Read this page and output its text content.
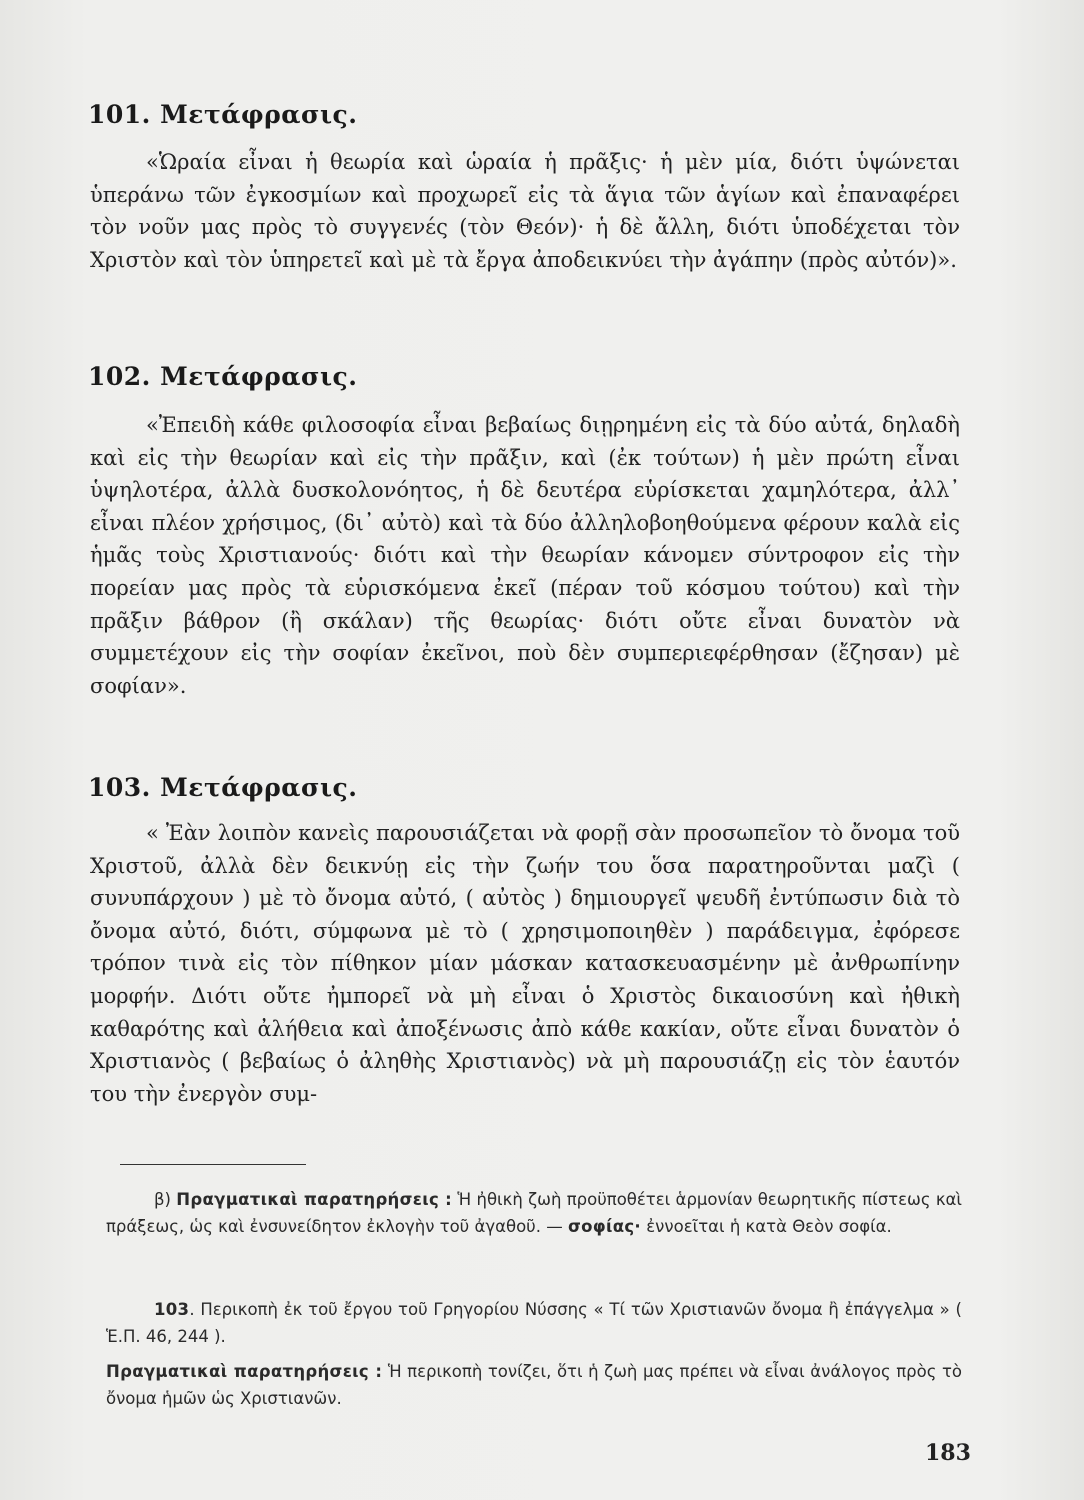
101. Μετάφρασις.
«Ὡραία εἶναι ἡ θεωρία καὶ ὡραία ἡ πρᾶξις· ἡ μὲν μία, διότι ὑψώνεται ὑπεράνω τῶν ἐγκοσμίων καὶ προχωρεῖ εἰς τὰ ἅγια τῶν ἁγίων καὶ ἐπαναφέρει τὸν νοῦν μας πρὸς τὸ συγγενές (τὸν Θεόν)· ἡ δὲ ἄλλη, διότι ὑποδέχεται τὸν Χριστὸν καὶ τὸν ὑπηρετεῖ καὶ μὲ τὰ ἔργα ἀποδεικνύει τὴν ἀγάπην (πρὸς αὐτόν)».
102. Μετάφρασις.
«Ἐπειδὴ κάθε φιλοσοφία εἶναι βεβαίως διῃρημένη εἰς τὰ δύο αὐτά, δηλαδὴ καὶ εἰς τὴν θεωρίαν καὶ εἰς τὴν πρᾶξιν, καὶ (ἐκ τούτων) ἡ μὲν πρώτη εἶναι ὑψηλοτέρα, ἀλλὰ δυσκολονόητος, ἡ δὲ δευτέρα εὑρίσκεται χαμηλότερα, ἀλλ᾽ εἶναι πλέον χρήσιμος, (δι᾽ αὐτὸ) καὶ τὰ δύο ἀλληλοβοηθούμενα φέρουν καλὰ εἰς ἡμᾶς τοὺς Χριστιανούς· διότι καὶ τὴν θεωρίαν κάνομεν σύντροφον εἰς τὴν πορείαν μας πρὸς τὰ εὑρισκόμενα ἐκεῖ (πέραν τοῦ κόσμου τούτου) καὶ τὴν πρᾶξιν βάθρον (ἢ σκάλαν) τῆς θεωρίας· διότι οὔτε εἶναι δυνατὸν νὰ συμμετέχουν εἰς τὴν σοφίαν ἐκεῖνοι, ποὺ δὲν συμπεριεφέρθησαν (ἔζησαν) μὲ σοφίαν».
103. Μετάφρασις.
« Ἐὰν λοιπὸν κανεὶς παρουσιάζεται νὰ φορῇ σὰν προσωπεῖον τὸ ὄνομα τοῦ Χριστοῦ, ἀλλὰ δὲν δεικνύῃ εἰς τὴν ζωήν του ὅσα παρατηροῦνται μαζὶ ( συνυπάρχουν ) μὲ τὸ ὄνομα αὐτό, ( αὐτὸς ) δημιουργεῖ ψευδῆ ἐντύπωσιν διὰ τὸ ὄνομα αὐτό, διότι, σύμφωνα μὲ τὸ ( χρησιμοποιηθὲν ) παράδειγμα, ἐφόρεσε τρόπον τινὰ εἰς τὸν πίθηκον μίαν μάσκαν κατασκευασμένην μὲ ἀνθρωπίνην μορφήν. Διότι οὔτε ἠμπορεῖ νὰ μὴ εἶναι ὁ Χριστὸς δικαιοσύνη καὶ ἠθικὴ καθαρότης καὶ ἀλήθεια καὶ ἀποξένωσις ἀπὸ κάθε κακίαν, οὔτε εἶναι δυνατὸν ὁ Χριστιανὸς ( βεβαίως ὁ ἀληθὴς Χριστιανὸς) νὰ μὴ παρουσιάζῃ εἰς τὸν ἑαυτόν του τὴν ἐνεργὸν συμ-
β) Πραγματικαὶ παρατηρήσεις : Ἡ ἠθικὴ ζωὴ προϋποθέτει ἁρμονίαν θεωρητικῆς πίστεως καὶ πράξεως, ὡς καὶ ἐνσυνείδητον ἐκλογὴν τοῦ ἀγαθοῦ. — σοφίας· ἐννοεῖται ἡ κατὰ Θεὸν σοφία.
103. Περικοπὴ ἐκ τοῦ ἔργου τοῦ Γρηγορίου Νύσσης « Τί τῶν Χριστιανῶν ὄνομα ἢ ἐπάγγελμα » ( Ἑ.Π. 46, 244 ).
Πραγματικαὶ παρατηρήσεις : Ἡ περικοπὴ τονίζει, ὅτι ἡ ζωὴ μας πρέπει νὰ εἶναι ἀνάλογος πρὸς τὸ ὄνομα ἡμῶν ὡς Χριστιανῶν.
183
